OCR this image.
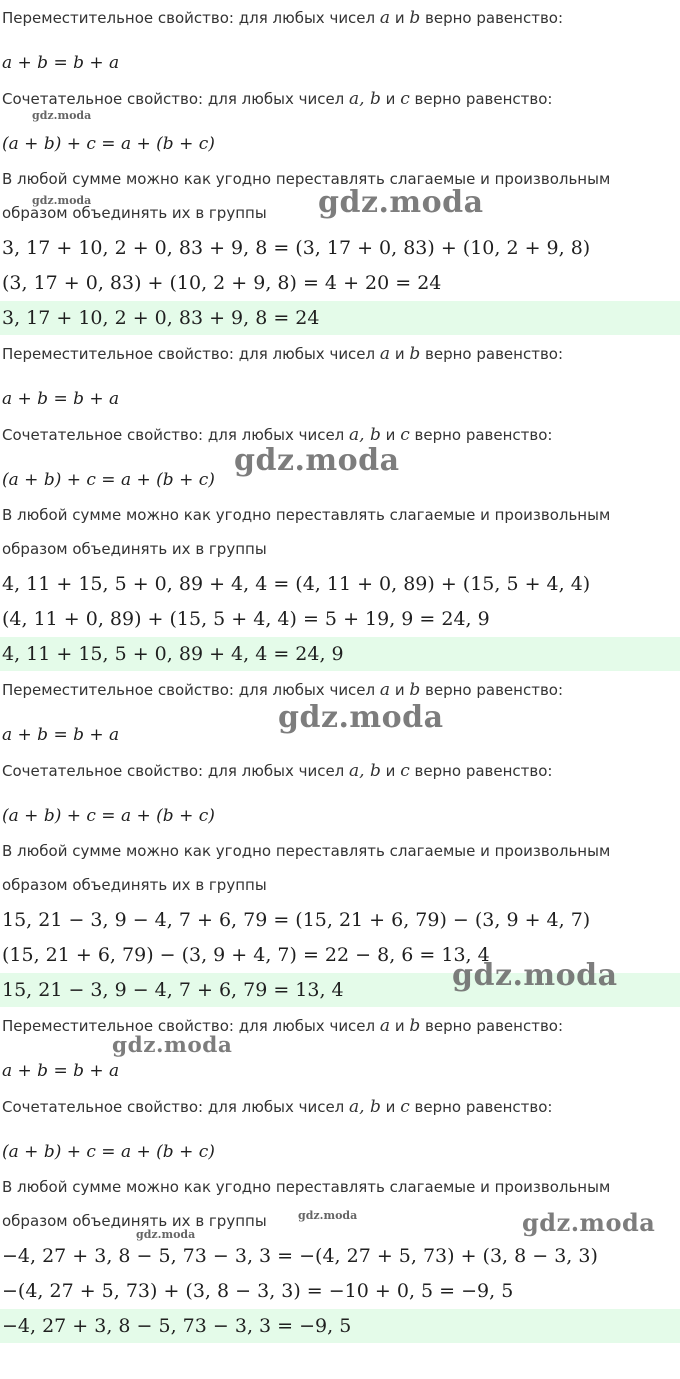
Переместительное свойство: для любых чисел a и b верно равенство:
a + b = b + a
Сочетательное свойство: для любых чисел a, b и c верно равенство:
(a + b) + c = a + (b + c)
В любой сумме можно как угодно переставлять слагаемые и произвольным
образом объединять их в группы
3, 17 + 10, 2 + 0, 83 + 9, 8 = (3, 17 + 0, 83) + (10, 2 + 9, 8)
(3, 17 + 0, 83) + (10, 2 + 9, 8) = 4 + 20 = 24
3, 17 + 10, 2 + 0, 83 + 9, 8 = 24
Переместительное свойство: для любых чисел a и b верно равенство:
a + b = b + a
Сочетательное свойство: для любых чисел a, b и c верно равенство:
(a + b) + c = a + (b + c)
В любой сумме можно как угодно переставлять слагаемые и произвольным
образом объединять их в группы
4, 11 + 15, 5 + 0, 89 + 4, 4 = (4, 11 + 0, 89) + (15, 5 + 4, 4)
(4, 11 + 0, 89) + (15, 5 + 4, 4) = 5 + 19, 9 = 24, 9
4, 11 + 15, 5 + 0, 89 + 4, 4 = 24, 9
Переместительное свойство: для любых чисел a и b верно равенство:
a + b = b + a
Сочетательное свойство: для любых чисел a, b и c верно равенство:
(a + b) + c = a + (b + c)
В любой сумме можно как угодно переставлять слагаемые и произвольным
образом объединять их в группы
15, 21 − 3, 9 − 4, 7 + 6, 79 = (15, 21 + 6, 79) − (3, 9 + 4, 7)
(15, 21 + 6, 79) − (3, 9 + 4, 7) = 22 − 8, 6 = 13, 4
15, 21 − 3, 9 − 4, 7 + 6, 79 = 13, 4
Переместительное свойство: для любых чисел a и b верно равенство:
a + b = b + a
Сочетательное свойство: для любых чисел a, b и c верно равенство:
(a + b) + c = a + (b + c)
В любой сумме можно как угодно переставлять слагаемые и произвольным
образом объединять их в группы
−4, 27 + 3, 8 − 5, 73 − 3, 3 = −(4, 27 + 5, 73) + (3, 8 − 3, 3)
−(4, 27 + 5, 73) + (3, 8 − 3, 3) = −10 + 0, 5 = −9, 5
−4, 27 + 3, 8 − 5, 73 − 3, 3 = −9, 5
gdz.moda
gdz.moda
gdz.moda
gdz.moda
gdz.moda
gdz.moda
gdz.moda
gdz.moda	gdz.moda
gdz.moda
